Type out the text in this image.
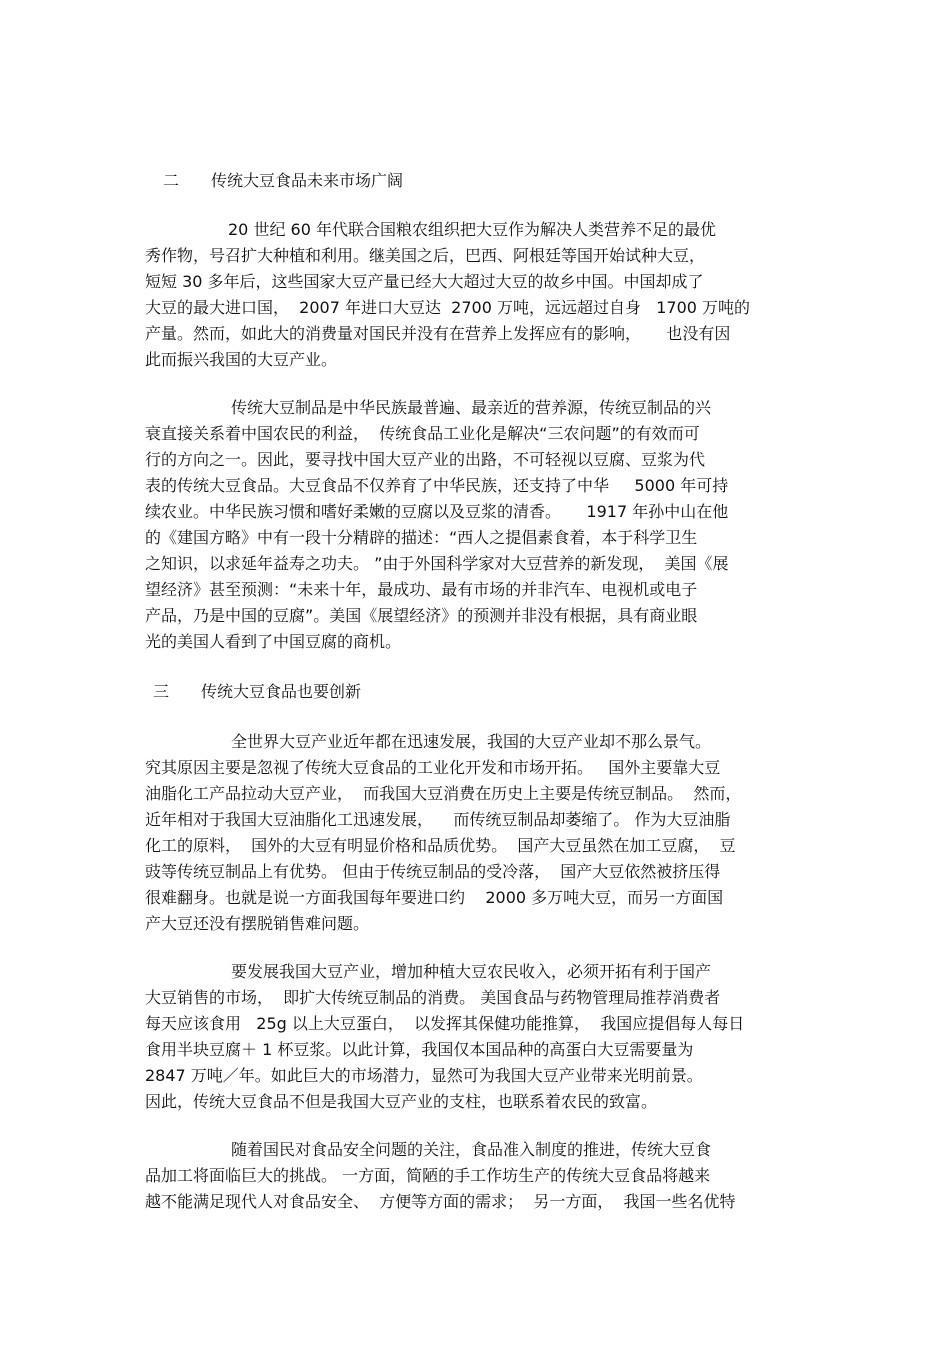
二　　传统大豆食品未来市场广阔
20 世纪 60 年代联合国粮农组织把大豆作为解决人类营养不足的最优
秀作物，号召扩大种植和利用。继美国之后，巴西、阿根廷等国开始试种大豆，
短短 30 多年后，这些国家大豆产量已经大大超过大豆的故乡中国。中国却成了
大豆的最大进口国，  2007 年进口大豆达  2700 万吨，远远超过自身   1700 万吨的
产量。然而，如此大的消费量对国民并没有在营养上发挥应有的影响，     也没有因
此而振兴我国的大豆产业。
传统大豆制品是中华民族最普遍、最亲近的营养源，传统豆制品的兴
衰直接关系着中国农民的利益，  传统食品工业化是解决“三农问题”的有效而可
行的方向之一。因此，要寻找中国大豆产业的出路，不可轻视以豆腐、豆浆为代
表的传统大豆食品。大豆食品不仅养育了中华民族，还支持了中华     5000 年可持
续农业。中华民族习惯和嗜好柔嫩的豆腐以及豆浆的清香。     1917 年孙中山在他
的《建国方略》中有一段十分精辟的描述：“西人之提倡素食着，本于科学卫生
之知识，以求延年益寿之功夫。 ”由于外国科学家对大豆营养的新发现，  美国《展
望经济》甚至预测：“未来十年，最成功、最有市场的并非汽车、电视机或电子
产品，乃是中国的豆腐”。美国《展望经济》的预测并非没有根据，具有商业眼
光的美国人看到了中国豆腐的商机。
三　　传统大豆食品也要创新
全世界大豆产业近年都在迅速发展，我国的大豆产业却不那么景气。
究其原因主要是忽视了传统大豆食品的工业化开发和市场开拓。   国外主要靠大豆
油脂化工产品拉动大豆产业，  而我国大豆消费在历史上主要是传统豆制品。  然而，
近年相对于我国大豆油脂化工迅速发展，    而传统豆制品却萎缩了。 作为大豆油脂
化工的原料，  国外的大豆有明显价格和品质优势。  国产大豆虽然在加工豆腐，  豆
豉等传统豆制品上有优势。 但由于传统豆制品的受冷落，  国产大豆依然被挤压得
很难翻身。也就是说一方面我国每年要进口约    2000 多万吨大豆，而另一方面国
产大豆还没有摆脱销售难问题。
要发展我国大豆产业，增加种植大豆农民收入，必须开拓有利于国产
大豆销售的市场，  即扩大传统豆制品的消费。 美国食品与药物管理局推荐消费者
每天应该食用   25g 以上大豆蛋白，  以发挥其保健功能推算，  我国应提倡每人每日
食用半块豆腐＋ 1 杯豆浆。以此计算，我国仅本国品种的高蛋白大豆需要量为
2847 万吨／年。如此巨大的市场潜力，显然可为我国大豆产业带来光明前景。
因此，传统大豆食品不但是我国大豆产业的支柱，也联系着农民的致富。
随着国民对食品安全问题的关注，食品准入制度的推进，传统大豆食
品加工将面临巨大的挑战。 一方面，简陋的手工作坊生产的传统大豆食品将越来
越不能满足现代人对食品安全、  方便等方面的需求；  另一方面，  我国一些名优特
